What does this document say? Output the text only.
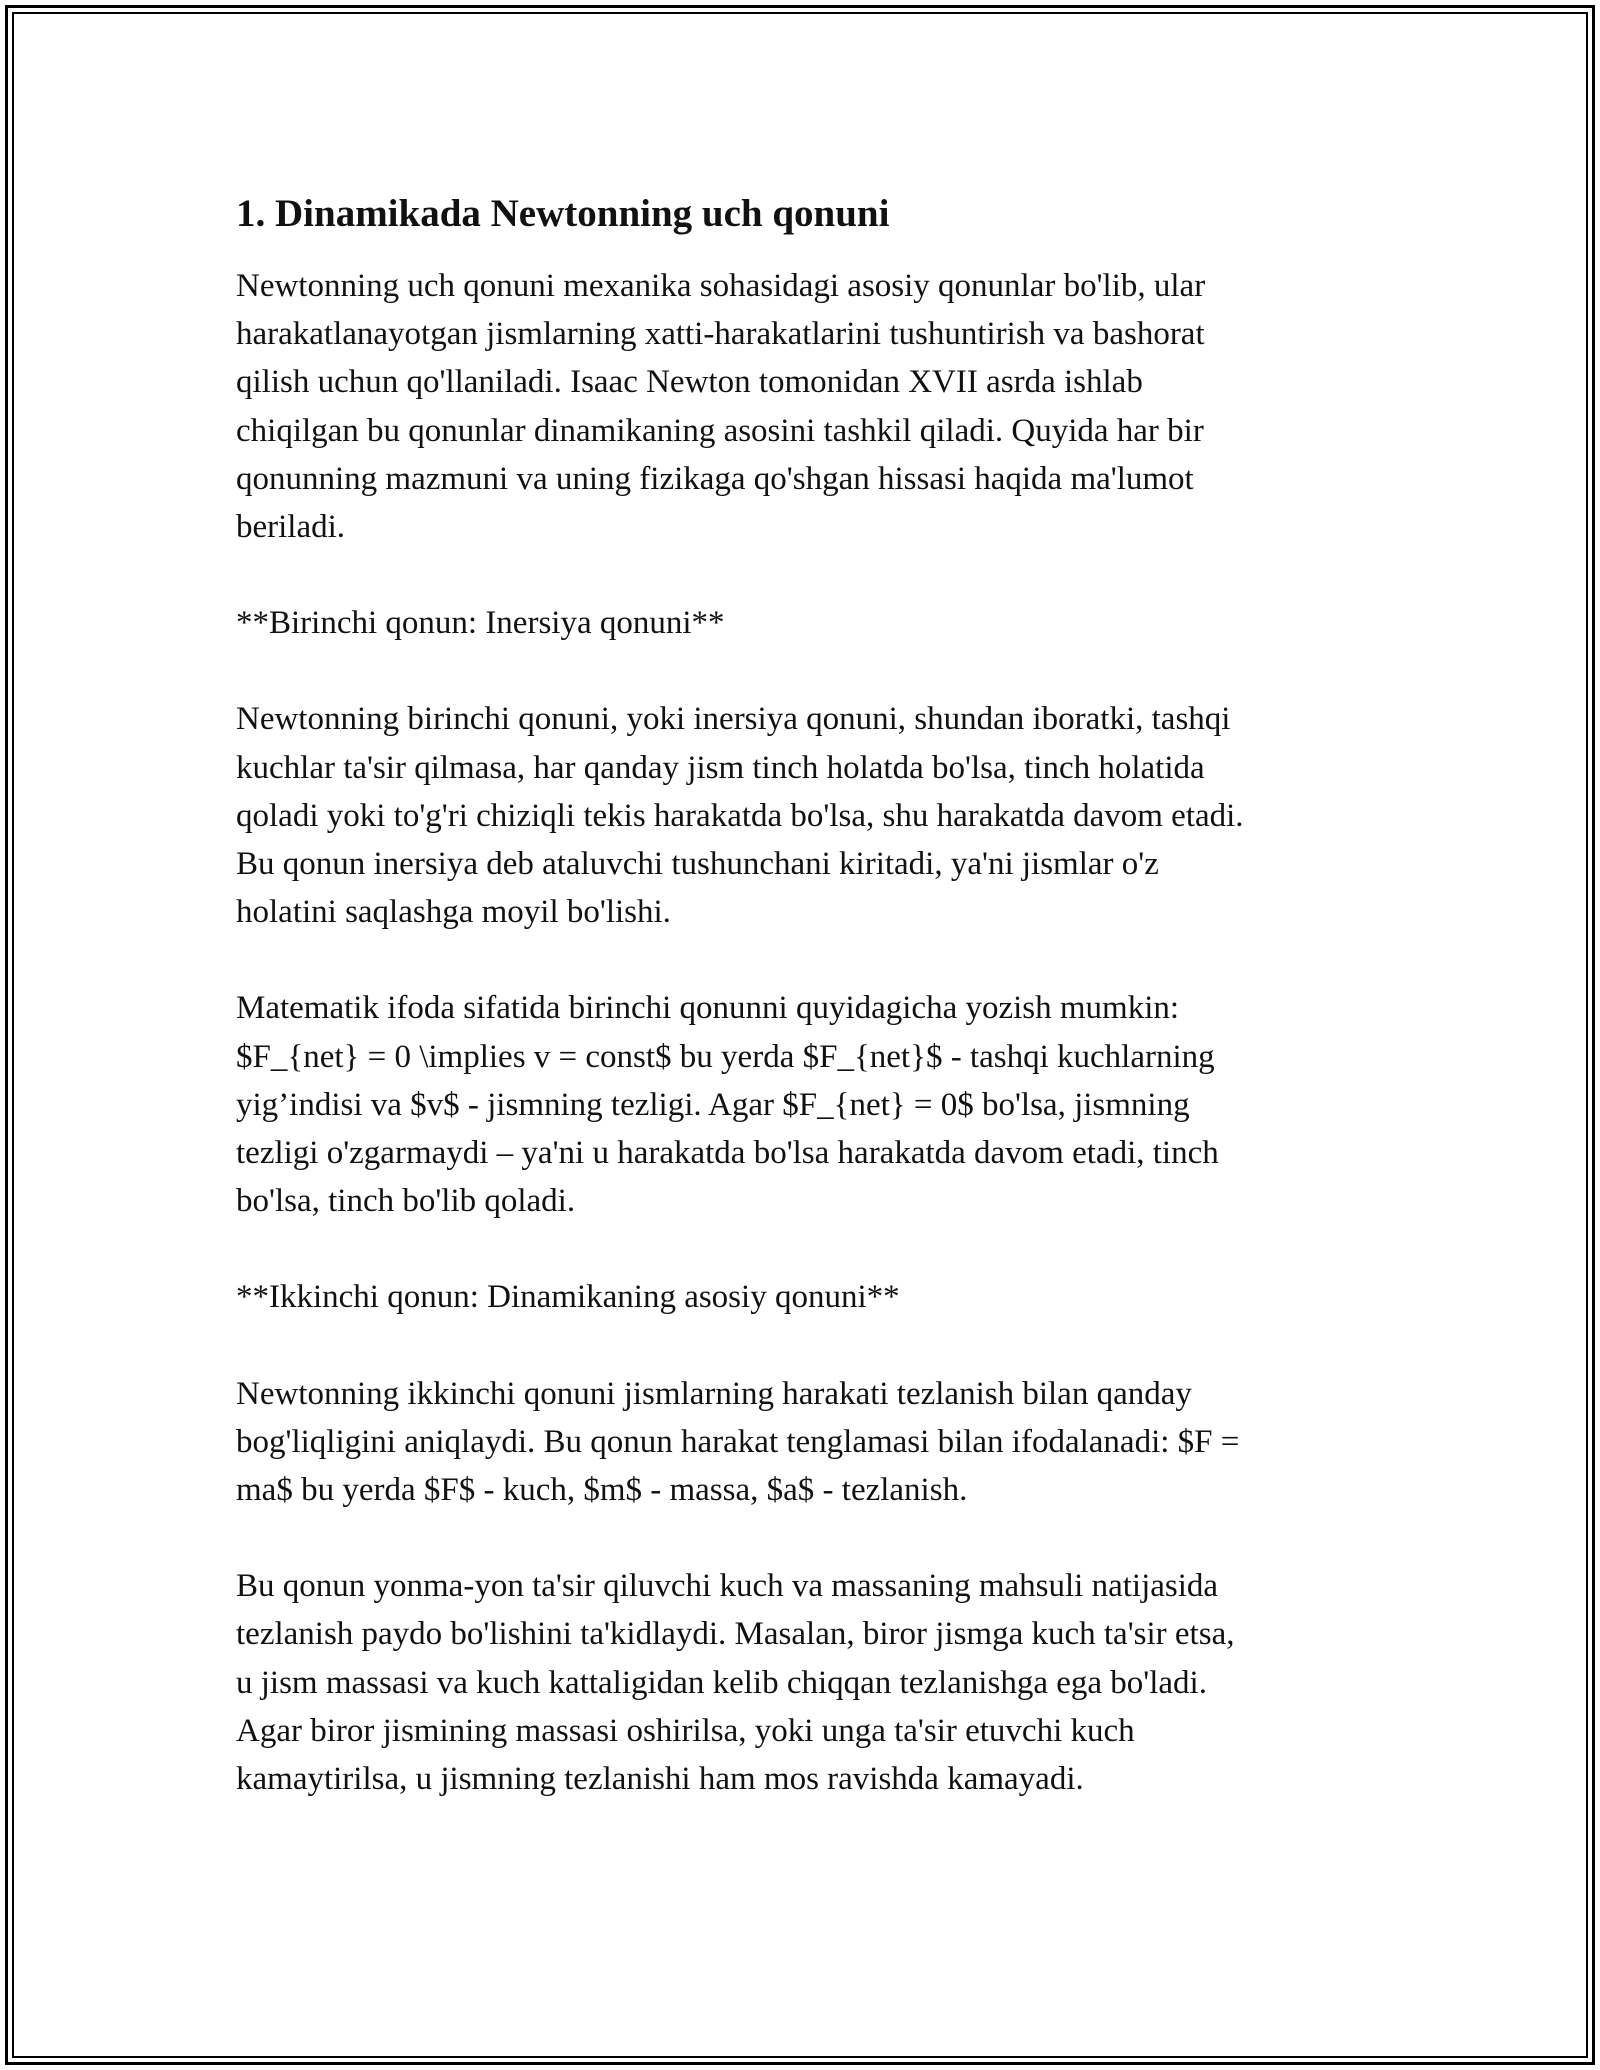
1. Dinamikada Newtonning uch qonuni

Newtonning uch qonuni mexanika sohasidagi asosiy qonunlar bo'lib, ular
harakatlanayotgan jismlarning xatti-harakatlarini tushuntirish va bashorat
qilish uchun qo'llaniladi. Isaac Newton tomonidan XVII asrda ishlab
chiqilgan bu qonunlar dinamikaning asosini tashkil qiladi. Quyida har bir
qonunning mazmuni va uning fizikaga qo'shgan hissasi haqida ma'lumot
beriladi.

**Birinchi qonun: Inersiya qonuni**

Newtonning birinchi qonuni, yoki inersiya qonuni, shundan iboratki, tashqi
kuchlar ta'sir qilmasa, har qanday jism tinch holatda bo'lsa, tinch holatida
qoladi yoki to'g'ri chiziqli tekis harakatda bo'lsa, shu harakatda davom etadi.
Bu qonun inersiya deb ataluvchi tushunchani kiritadi, ya'ni jismlar o'z
holatini saqlashga moyil bo'lishi.

Matematik ifoda sifatida birinchi qonunni quyidagicha yozish mumkin:
$F_{net} = 0 \implies v = const$ bu yerda $F_{net}$ - tashqi kuchlarning
yig’indisi va $v$ - jismning tezligi. Agar $F_{net} = 0$ bo'lsa, jismning
tezligi o'zgarmaydi – ya'ni u harakatda bo'lsa harakatda davom etadi, tinch
bo'lsa, tinch bo'lib qoladi.

**Ikkinchi qonun: Dinamikaning asosiy qonuni**

Newtonning ikkinchi qonuni jismlarning harakati tezlanish bilan qanday
bog'liqligini aniqlaydi. Bu qonun harakat tenglamasi bilan ifodalanadi: $F =
ma$ bu yerda $F$ - kuch, $m$ - massa, $a$ - tezlanish.

Bu qonun yonma-yon ta'sir qiluvchi kuch va massaning mahsuli natijasida
tezlanish paydo bo'lishini ta'kidlaydi. Masalan, biror jismga kuch ta'sir etsa,
u jism massasi va kuch kattaligidan kelib chiqqan tezlanishga ega bo'ladi.
Agar biror jismining massasi oshirilsa, yoki unga ta'sir etuvchi kuch
kamaytirilsa, u jismning tezlanishi ham mos ravishda kamayadi.
